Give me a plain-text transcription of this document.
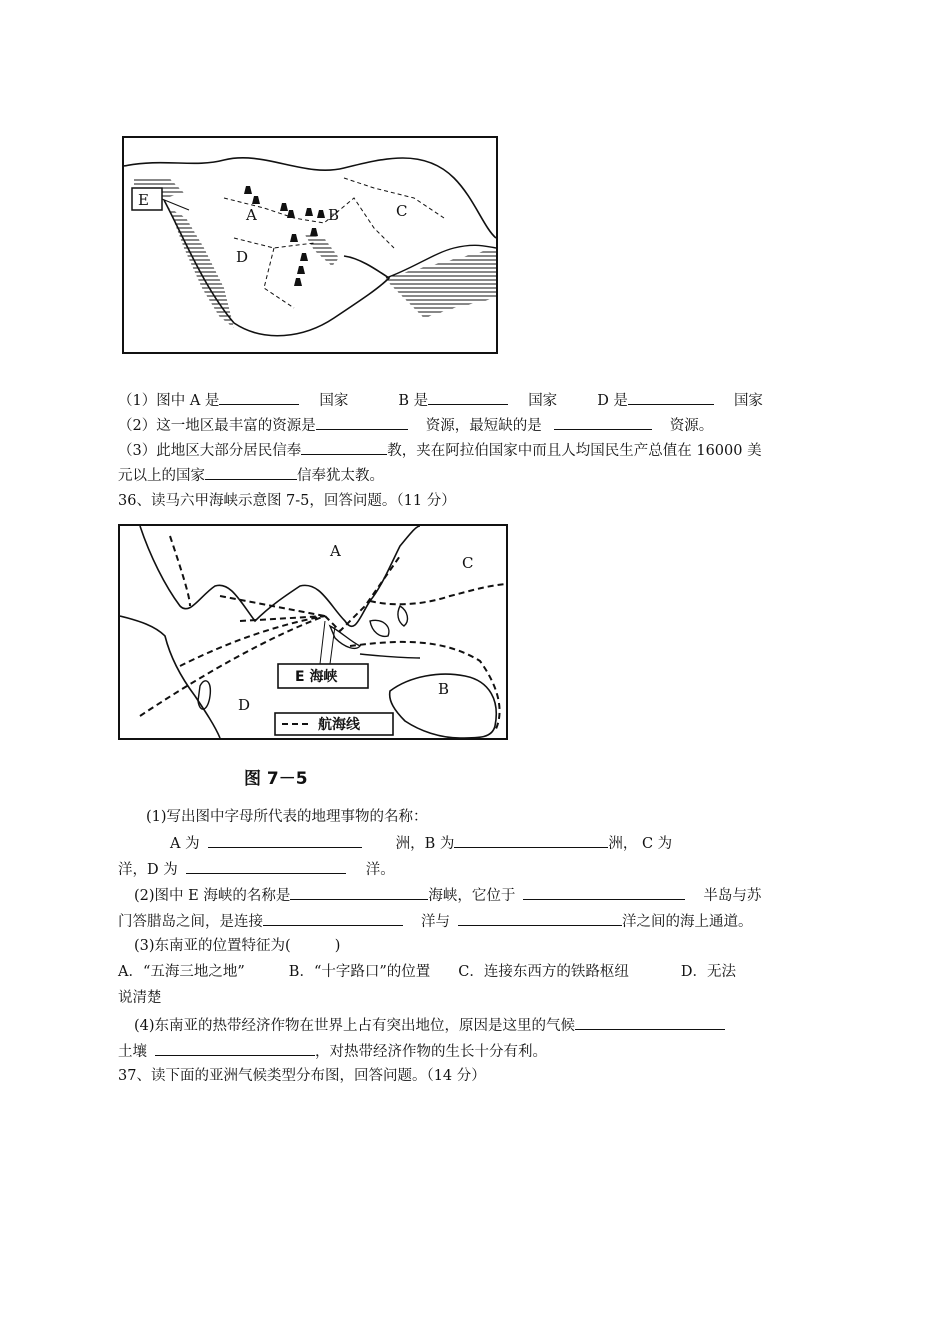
E
A	B	C
D
（1）图中 A 是	国家	B 是	国家	D 是	国家
（2）这一地区最丰富的资源是	资源，最短缺的是	资源。
（3）此地区大部分居民信奉	教，夹在阿拉伯国家中而且人均国民生产总值在 16000 美
元以上的国家	信奉犹太教。
36、读马六甲海峡示意图 7-5，回答问题。（11 分）
E 海峡
航海线
A
B
C
D
图 7－5
(1)写出图中字母所代表的地理事物的名称：
A 为	洲，B 为	洲， C 为
洋，D 为	洋。
(2)图中 E 海峡的名称是	海峡，它位于	半岛与苏
门答腊岛之间，是连接	洋与	洋之间的海上通道。
(3)东南亚的位置特征为(	)
A．“五海三地之地”	B．“十字路口”的位置 C．连接东西方的铁路枢纽	D．无法
说清楚
(4)东南亚的热带经济作物在世界上占有突出地位，原因是这里的气候
土壤	，对热带经济作物的生长十分有利。
37、读下面的亚洲气候类型分布图，回答问题。（14 分）
